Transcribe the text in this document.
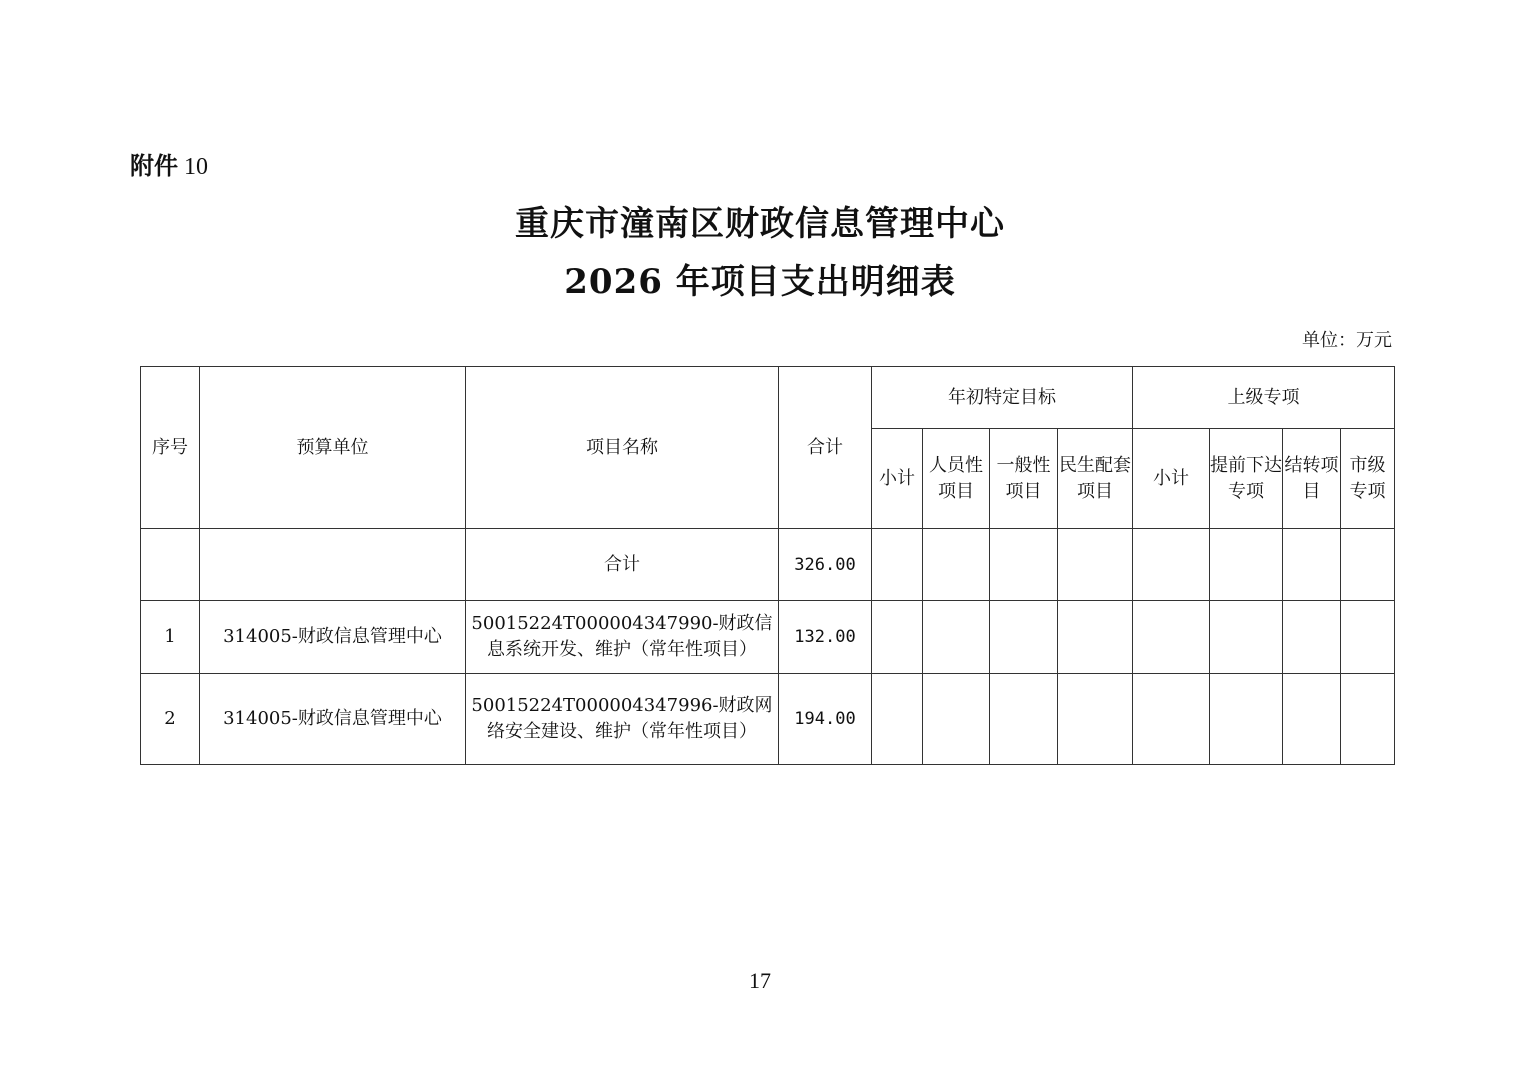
附件 10
重庆市潼南区财政信息管理中心
2026 年项目支出明细表
单位：万元
序号	预算单位	项目名称	合计	年初特定目标				上级专项			
				小计	人员性项目	一般性项目	民生配套项目	小计	提前下达专项	结转项目	市级专项
		合计	326.00								
1	314005-财政信息管理中心	50015224T000004347990-财政信息系统开发、维护（常年性项目）	132.00								
2	314005-财政信息管理中心	50015224T000004347996-财政网络安全建设、维护（常年性项目）	194.00								
17
